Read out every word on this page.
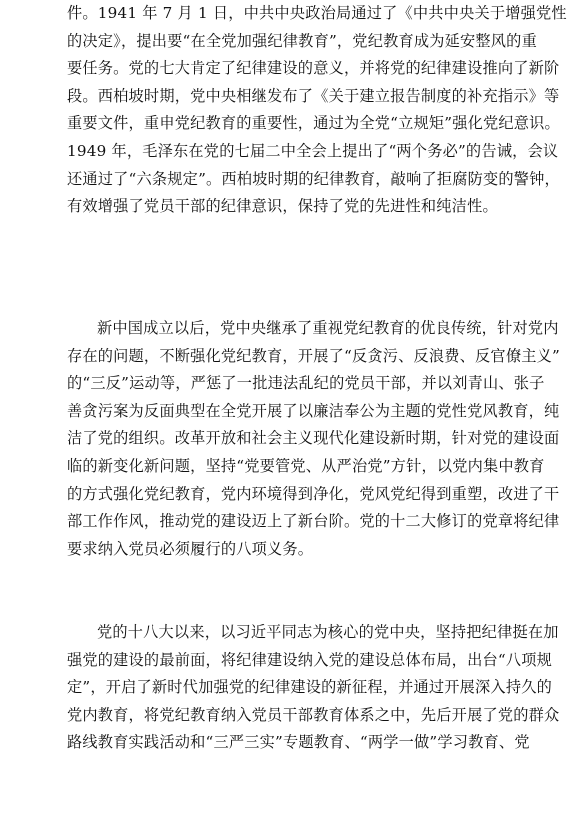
件。1941 年 7 月 1 日，中共中央政治局通过了《中共中央关于增强党性
的决定》，提出要“在全党加强纪律教育”，党纪教育成为延安整风的重
要任务。党的七大肯定了纪律建设的意义，并将党的纪律建设推向了新阶
段。西柏坡时期，党中央相继发布了《关于建立报告制度的补充指示》等
重要文件，重申党纪教育的重要性，通过为全党“立规矩”强化党纪意识。
1949 年，毛泽东在党的七届二中全会上提出了“两个务必”的告诫，会议
还通过了“六条规定”。西柏坡时期的纪律教育，敲响了拒腐防变的警钟，
有效增强了党员干部的纪律意识，保持了党的先进性和纯洁性。
新中国成立以后，党中央继承了重视党纪教育的优良传统，针对党内
存在的问题，不断强化党纪教育，开展了“反贪污、反浪费、反官僚主义”
的“三反”运动等，严惩了一批违法乱纪的党员干部，并以刘青山、张子
善贪污案为反面典型在全党开展了以廉洁奉公为主题的党性党风教育，纯
洁了党的组织。改革开放和社会主义现代化建设新时期，针对党的建设面
临的新变化新问题，坚持“党要管党、从严治党”方针，以党内集中教育
的方式强化党纪教育，党内环境得到净化，党风党纪得到重塑，改进了干
部工作作风，推动党的建设迈上了新台阶。党的十二大修订的党章将纪律
要求纳入党员必须履行的八项义务。
党的十八大以来，以习近平同志为核心的党中央，坚持把纪律挺在加
强党的建设的最前面，将纪律建设纳入党的建设总体布局，出台“八项规
定”，开启了新时代加强党的纪律建设的新征程，并通过开展深入持久的
党内教育，将党纪教育纳入党员干部教育体系之中，先后开展了党的群众
路线教育实践活动和“三严三实”专题教育、“两学一做”学习教育、党
